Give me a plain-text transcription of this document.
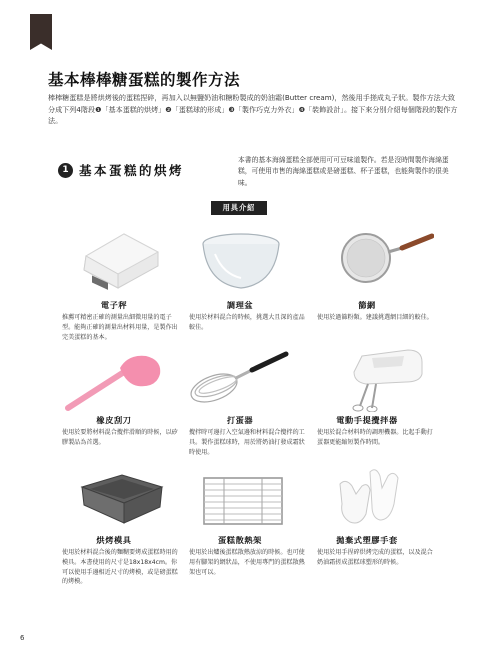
基本棒棒糖蛋糕的製作方法

棒棒糖蛋糕是將烘烤後的蛋糕捏碎，再加入以無鹽奶油和糖粉製成的奶油霜(Butter cream)，然後用手搓成丸子狀。製作方法大致分成下列4階段❶「基本蛋糕的烘烤」❷「蛋糕球的形成」❸「製作巧克力外衣」❹「裝飾設計」。接下來分別介紹每個階段的製作方法。

1 基本蛋糕的烘烤

本書的基本海綿蛋糕全部使用可可豆味道製作。若是沒時間製作海綿蛋糕，可使用市售的海綿蛋糕或是磅蛋糕、杯子蛋糕，也能夠製作的很美味。

用具介紹
電子秤

推薦可精密正確的測量出細微用量的電子型。能夠正確的測量出材料用量，是製作出完美蛋糕的基本。

調理盆

使用於材料混合的時候，挑選大且深的產品較佳。

篩網

使用於過篩粉類。建議挑選網目細的較佳。

橡皮刮刀

使用於要將材料混合攪拌滑順的時候，以矽膠製品為首選。

打蛋器

攪拌時可邊打入空氣邊和材料混合攪拌的工具。製作蛋糕球時，用於將奶油打發成霜狀時使用。

電動手提攪拌器

使用於混合材料時的調理機器。比起手動打蛋器更能縮短製作時間。

烘烤模具

使用於材料混合後的麵糊要烤成蛋糕時用的模具。本書使用的尺寸是18x18x4cm。你可以使用手邊相近尺寸的烤模，或是磅蛋糕的烤模。

蛋糕散熱架

使用於出爐後蛋糕散熱放涼的時候。也可使用有腳架的網狀品，不使用專門的蛋糕散熱架也可以。

拋棄式塑膠手套

使用於用手捏碎烘烤完成的蛋糕，以及混合奶油霜搓成蛋糕球塑形的時候。

6
